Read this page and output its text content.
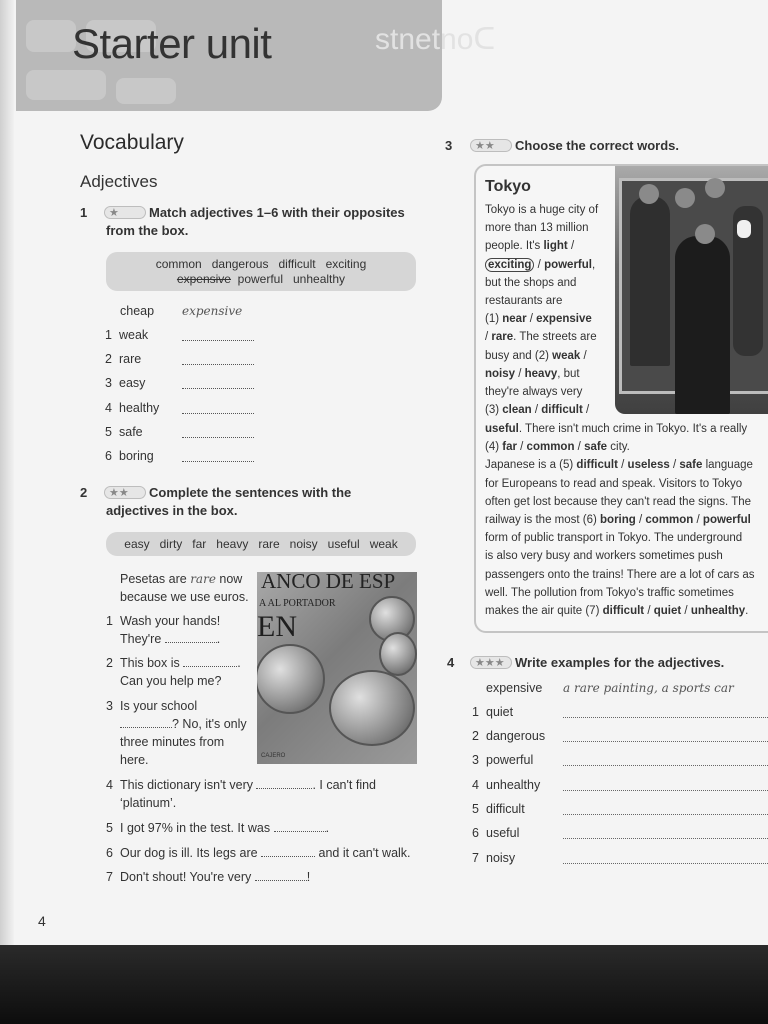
Starter unit	stnetnoᑕ
Vocabulary
Adjectives
1	★	Match adjectives 1–6 with their opposites
from the box.
common   dangerous   difficult   exciting
expensive  powerful   unhealthy
cheap expensive
1 weak
2 rare
3 easy
4 healthy
5 safe
6 boring
2	★★	Complete the sentences with the
adjectives in the box.
easy   dirty   far   heavy   rare   noisy   useful   weak
Pesetas are rare now
because we use euros.
1 Wash your hands!
They're	.
2 This box is	.
Can you help me?
3 Is your school
? No, it's only
three minutes from
here.
4 This dictionary isn't very	. I can't find
‘platinum’.
5 I got 97% in the test. It was	.
6 Our dog is ill. Its legs are	and it can't walk.
7 Don't shout! You're very	!
ANCO DE ESP
A AL PORTADOR
EN
CAJERO
3	★★	Choose the correct words.
Tokyo
Tokyo is a huge city of
more than 13 million
people. It's light /
exciting / powerful,
but the shops and
restaurants are
(1) near / expensive
/ rare. The streets are
busy and (2) weak /
noisy / heavy, but
they're always very
(3) clean / difficult /
useful. There isn't much crime in Tokyo. It's a really
(4) far / common / safe city.
Japanese is a (5) difficult / useless / safe language
for Europeans to read and speak. Visitors to Tokyo
often get lost because they can't read the signs. The
railway is the most (6) boring / common / powerful
form of public transport in Tokyo. The underground
is also very busy and workers sometimes push
passengers onto the trains! There are a lot of cars as
well. The pollution from Tokyo's traffic sometimes
makes the air quite (7) difficult / quiet / unhealthy.
4	★★★ Write examples for the adjectives.
expensive a rare painting, a sports car
1 quiet
2 dangerous
3 powerful
4 unhealthy
5 difficult
6 useful
7 noisy
4
